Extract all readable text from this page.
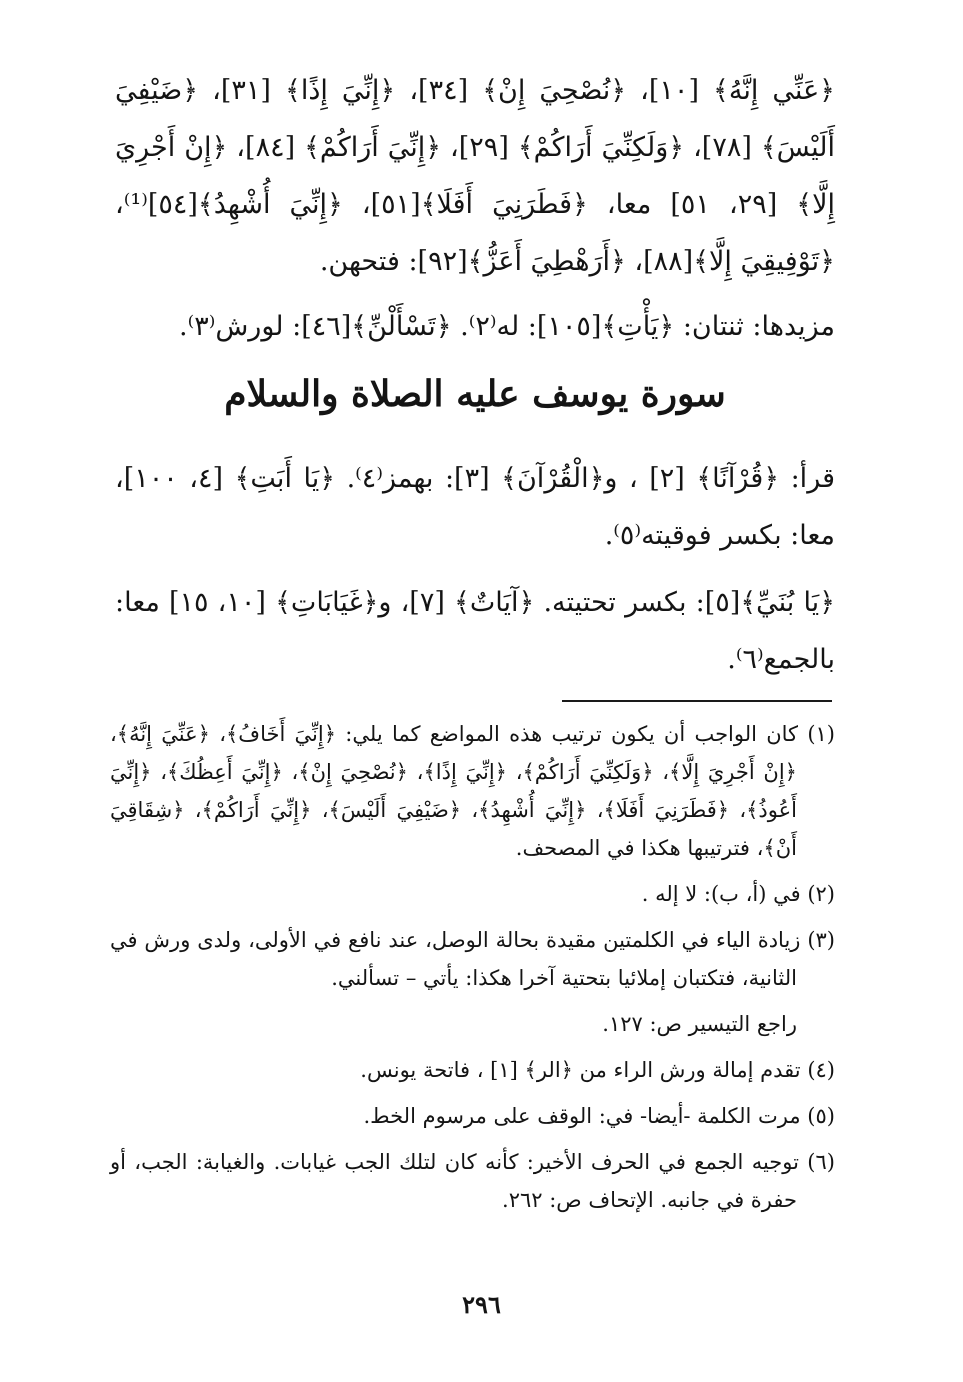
﴿عَنِّي إِنَّهُ﴾ [١٠]، ﴿نُصْحِيَ إِنْ﴾ [٣٤]، ﴿إِنِّيَ إِذًا﴾ [٣١]، ﴿ضَيْفِيَ أَلَيْسَ﴾ [٧٨]، ﴿وَلَكِنِّيَ أَرَاكُمْ﴾ [٢٩]، ﴿إِنِّيَ أَرَاكُمْ﴾ [٨٤]، ﴿إِنْ أَجْرِيَ إِلَّا﴾ [٢٩، ٥١] معا، ﴿فَطَرَنِيَ أَفَلَا﴾[٥١]، ﴿إِنِّيَ أُشْهِدُ﴾[٥٤]⁽¹⁾، ﴿تَوْفِيقِيَ إِلَّا﴾[٨٨]، ﴿أَرَهْطِيَ أَعَزُّ﴾[٩٢]: فتحهن.

مزيدها: ثنتان: ﴿يَأْتِ﴾[١٠٥]: له⁽٢⁾. ﴿تَسْأَلْنِّ﴾[٤٦]: لورش⁽٣⁾.

سورة يوسف عليه الصلاة والسلام

قرأ: ﴿قُرْآنًا﴾ [٢] ، و﴿الْقُرْآنَ﴾ [٣]: بهمز⁽٤⁾. ﴿يَا أَبَتِ﴾ [٤، ١٠٠]، معا: بكسر فوقيته⁽٥⁾.

﴿يَا بُنَيِّ﴾[٥]: بكسر تحتيته. ﴿آيَاتٌ﴾ [٧]، و﴿غَيَابَاتِ﴾ [١٠، ١٥] معا: بالجمع⁽٦⁾.

(١) كان الواجب أن يكون ترتيب هذه المواضع كما يلي: ﴿إِنِّيَ أَخَافُ﴾، ﴿عَنِّيَ إِنَّهُ﴾، ﴿إِنْ أَجْرِيَ إِلَّا﴾، ﴿وَلَكِنِّيَ أَرَاكُمْ﴾، ﴿إِنِّيَ إِذًا﴾، ﴿نُصْحِيَ إِنْ﴾، ﴿إِنِّيَ أَعِظُكَ﴾، ﴿إِنِّيَ أَعُوذُ﴾، ﴿فَطَرَنِيَ أَفَلَا﴾، ﴿إِنِّيَ أُشْهِدُ﴾، ﴿ضَيْفِيَ أَلَيْسَ﴾، ﴿إِنِّيَ أَرَاكُمْ﴾، ﴿شِقَاقِيَ أَنْ﴾، فترتيبها هكذا في المصحف.

(٢) في (أ، ب): لا إله .

(٣) زيادة الياء في الكلمتين مقيدة بحالة الوصل، عند نافع في الأولى، ولدى ورش في الثانية، فتكتبان إملائيا بتحتية آخرا هكذا: يأتي – تسألني.

راجع التيسير ص: ١٢٧.

(٤) تقدم إمالة ورش الراء من ﴿الر﴾ [١] ، فاتحة يونس.

(٥) مرت الكلمة -أيضا- في: الوقف على مرسوم الخط.

(٦) توجيه الجمع في الحرف الأخير: كأنه كان لتلك الجب غيابات. والغيابة: الجب، أو حفرة في جانبه. الإتحاف ص: ٢٦٢.

٢٩٦
